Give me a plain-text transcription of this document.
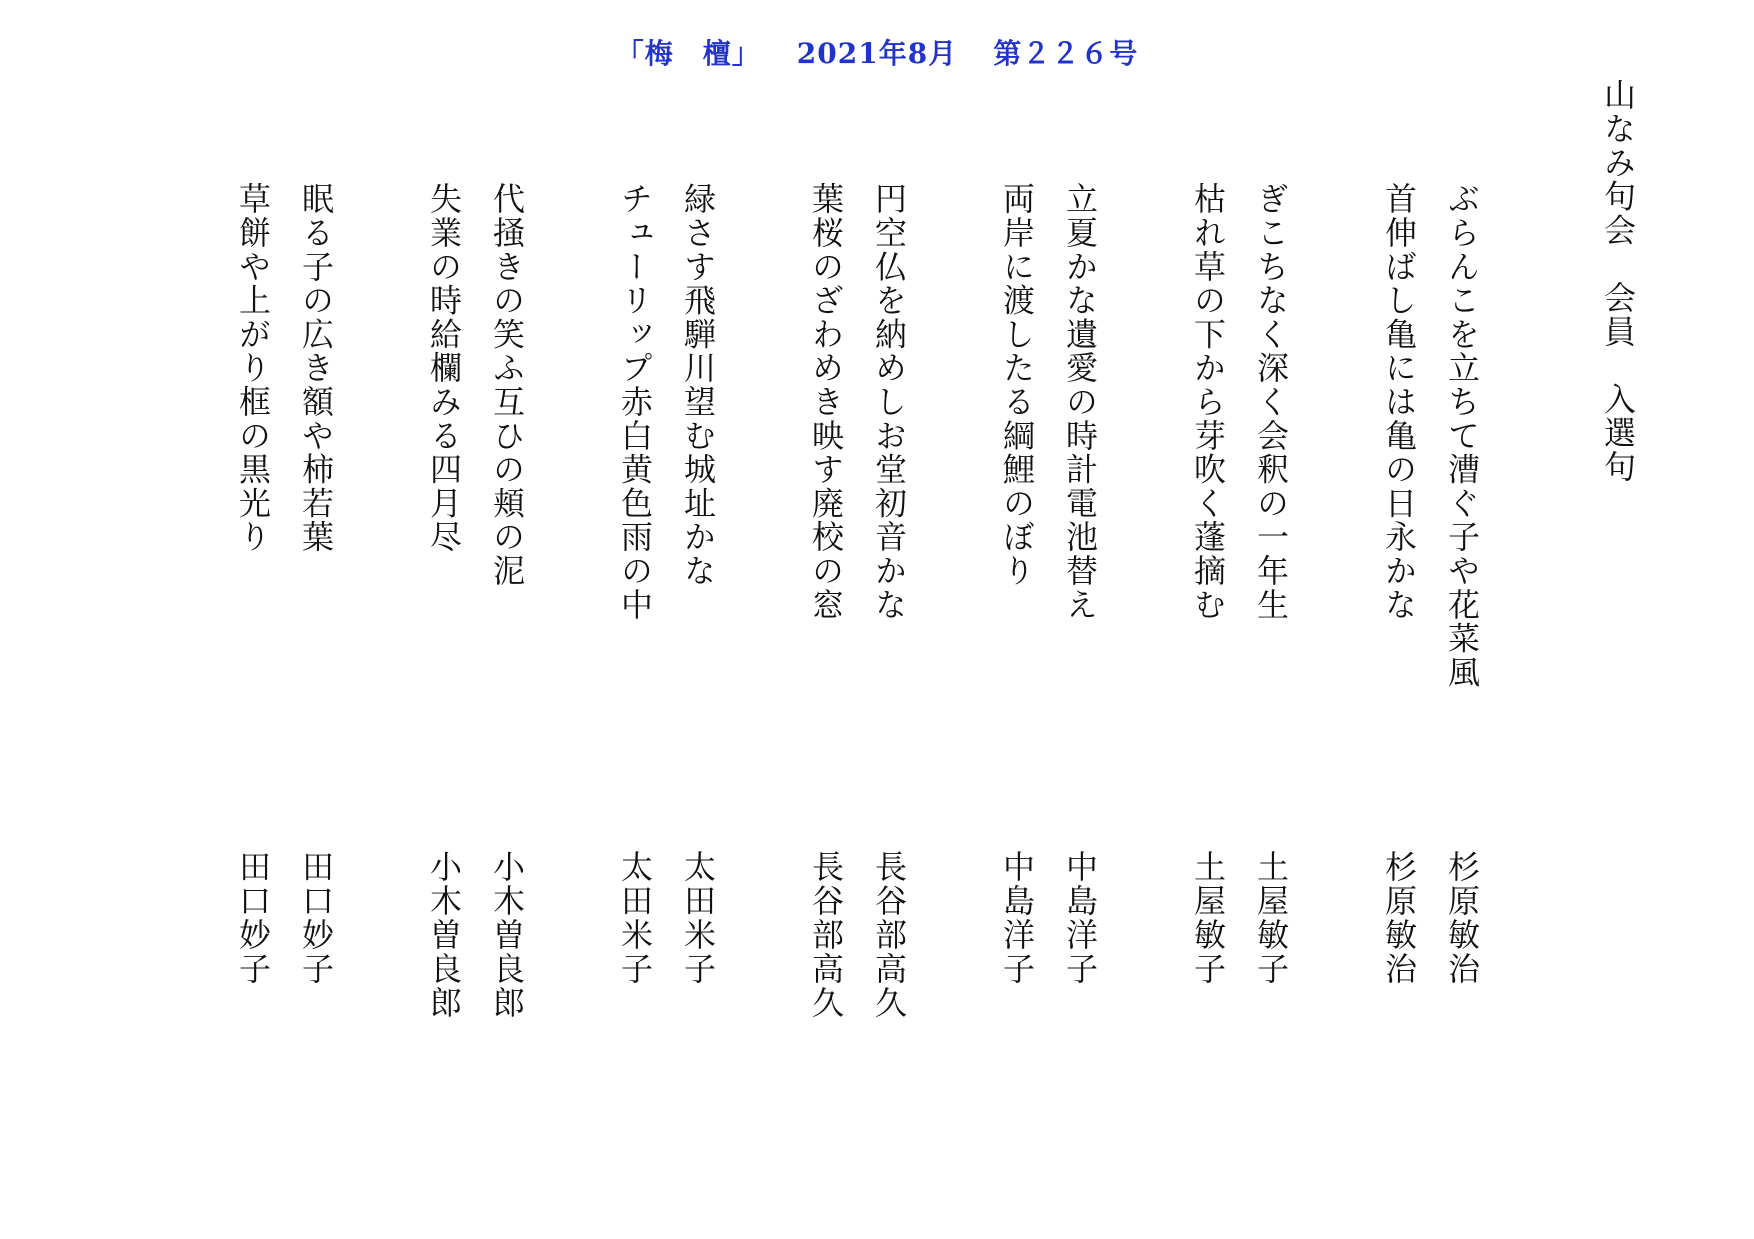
「梅　檀」 2021年8月 第２２６号
山なみ句会　会員　入選句
ぶらんこを立ちて漕ぐ子や花菜風
首伸ばし亀には亀の日永かな
ぎこちなく深く会釈の一年生
枯れ草の下から芽吹く蓬摘む
立夏かな遺愛の時計電池替え
両岸に渡したる綱鯉のぼり
円空仏を納めしお堂初音かな
葉桜のざわめき映す廃校の窓
緑さす飛騨川望む城址かな
チューリップ赤白黄色雨の中
代掻きの笑ふ互ひの頬の泥
失業の時給欄みる四月尽
眠る子の広き額や柿若葉
草餅や上がり框の黒光り
杉原敏治
杉原敏治
土屋敏子
土屋敏子
中島洋子
中島洋子
長谷部高久
長谷部高久
太田米子
太田米子
小木曽良郎
小木曽良郎
田口妙子
田口妙子
